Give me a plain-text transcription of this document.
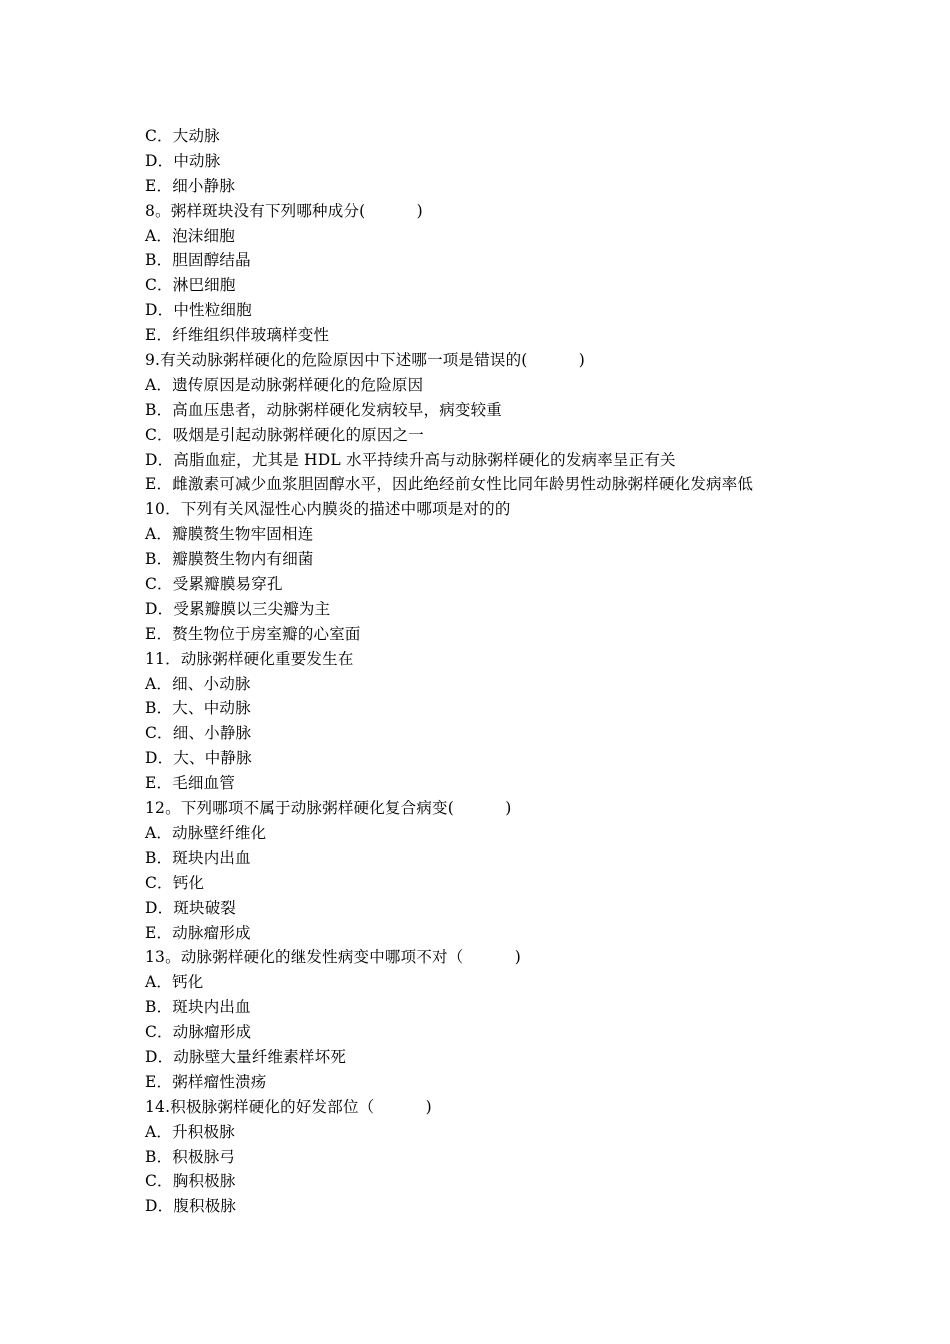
C．大动脉
D．中动脉
E．细小静脉
8。粥样斑块没有下列哪种成分(          )
A．泡沫细胞
B．胆固醇结晶
C．淋巴细胞
D．中性粒细胞
E．纤维组织伴玻璃样变性
9.有关动脉粥样硬化的危险原因中下述哪一项是错误的(          )
A．遗传原因是动脉粥样硬化的危险原因
B．高血压患者，动脉粥样硬化发病较早，病变较重
C．吸烟是引起动脉粥样硬化的原因之一
D．高脂血症，尤其是 HDL 水平持续升高与动脉粥样硬化的发病率呈正有关
E．雌激素可减少血浆胆固醇水平，因此绝经前女性比同年龄男性动脉粥样硬化发病率低
10．下列有关风湿性心内膜炎的描述中哪项是对的的
A．瓣膜赘生物牢固相连
B．瓣膜赘生物内有细菌
C．受累瓣膜易穿孔
D．受累瓣膜以三尖瓣为主
E．赘生物位于房室瓣的心室面
11．动脉粥样硬化重要发生在
A．细、小动脉
B．大、中动脉
C．细、小静脉
D．大、中静脉
E．毛细血管
12。下列哪项不属于动脉粥样硬化复合病变(          )
A．动脉壁纤维化
B．斑块内出血
C．钙化
D．斑块破裂
E．动脉瘤形成
13。动脉粥样硬化的继发性病变中哪项不对（          )
A．钙化
B．斑块内出血
C．动脉瘤形成
D．动脉壁大量纤维素样坏死
E．粥样瘤性溃疡
14.积极脉粥样硬化的好发部位（          )
A．升积极脉
B．积极脉弓
C．胸积极脉
D．腹积极脉
